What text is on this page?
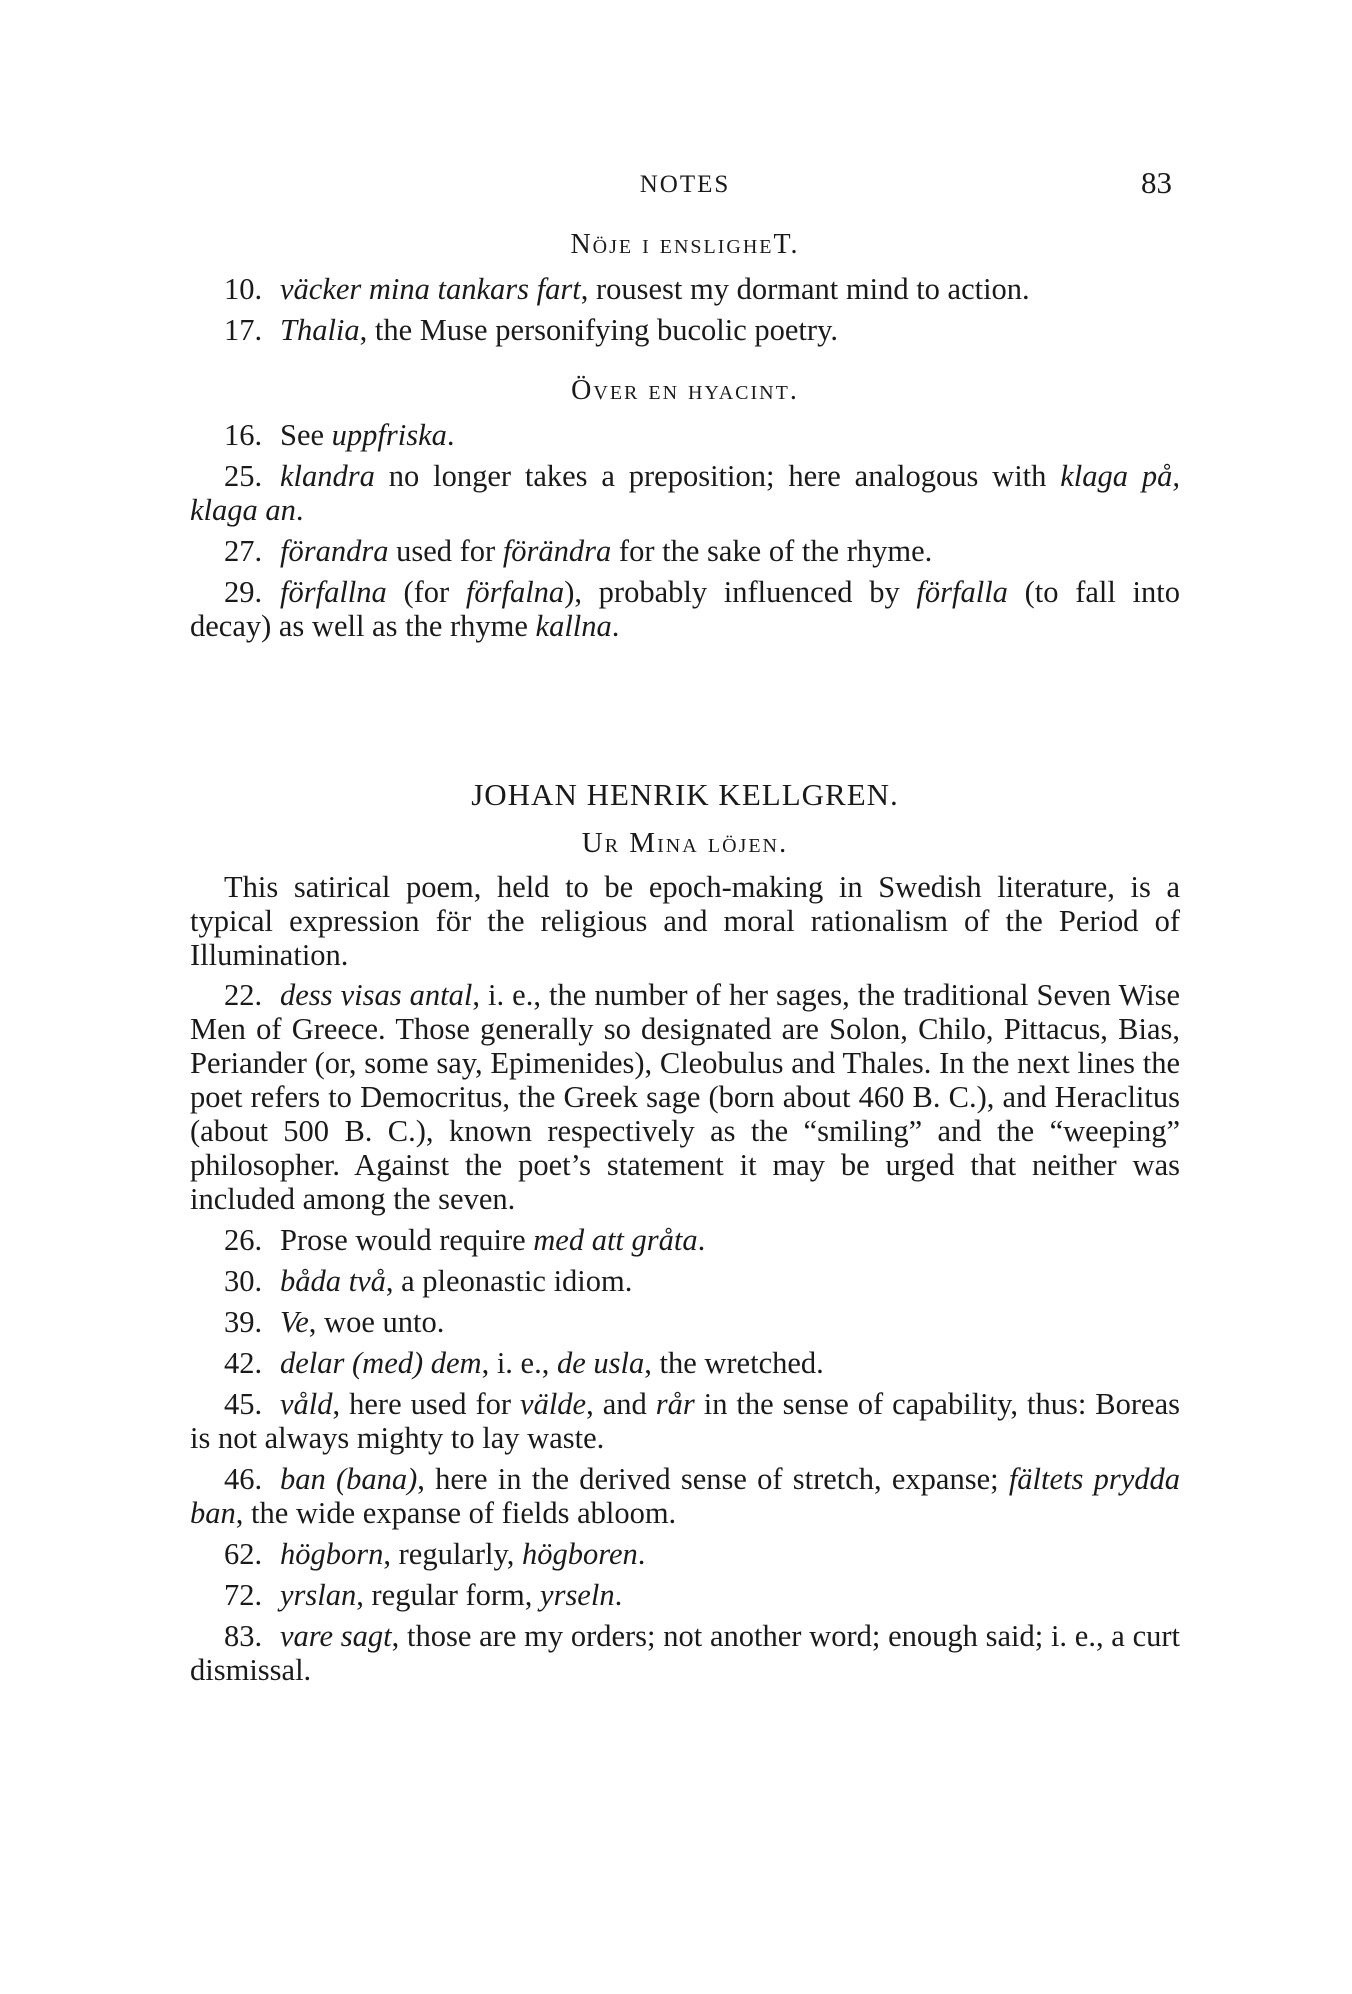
NOTES	83
Nöje i ensligheT.

10. väcker mina tankars fart, rousest my dormant mind to action.

17. Thalia, the Muse personifying bucolic poetry.

Över en hyacint.

16. See uppfriska.

25. klandra no longer takes a preposition; here analogous with klaga på, klaga an.

27. förandra used for förändra for the sake of the rhyme.

29. förfallna (for förfalna), probably influenced by förfalla (to fall into decay) as well as the rhyme kallna.

JOHAN HENRIK KELLGREN.
Ur Mina löjen.

This satirical poem, held to be epoch-making in Swedish literature, is a typical expression för the religious and moral rationalism of the Period of Illumination.

22. dess visas antal, i. e., the number of her sages, the traditional Seven Wise Men of Greece. Those generally so designated are Solon, Chilo, Pittacus, Bias, Periander (or, some say, Epimenides), Cleobulus and Thales. In the next lines the poet refers to Democritus, the Greek sage (born about 460 B. C.), and Heraclitus (about 500 B. C.), known respectively as the “smiling” and the “weeping” philosopher. Against the poet’s statement it may be urged that neither was included among the seven.

26. Prose would require med att gråta.

30. båda två, a pleonastic idiom.

39. Ve, woe unto.

42. delar (med) dem, i. e., de usla, the wretched.

45. våld, here used for välde, and rår in the sense of capability, thus: Boreas is not always mighty to lay waste.

46. ban (bana), here in the derived sense of stretch, expanse; fältets prydda ban, the wide expanse of fields abloom.

62. högborn, regularly, högboren.

72. yrslan, regular form, yrseln.

83. vare sagt, those are my orders; not another word; enough said; i. e., a curt dismissal.
